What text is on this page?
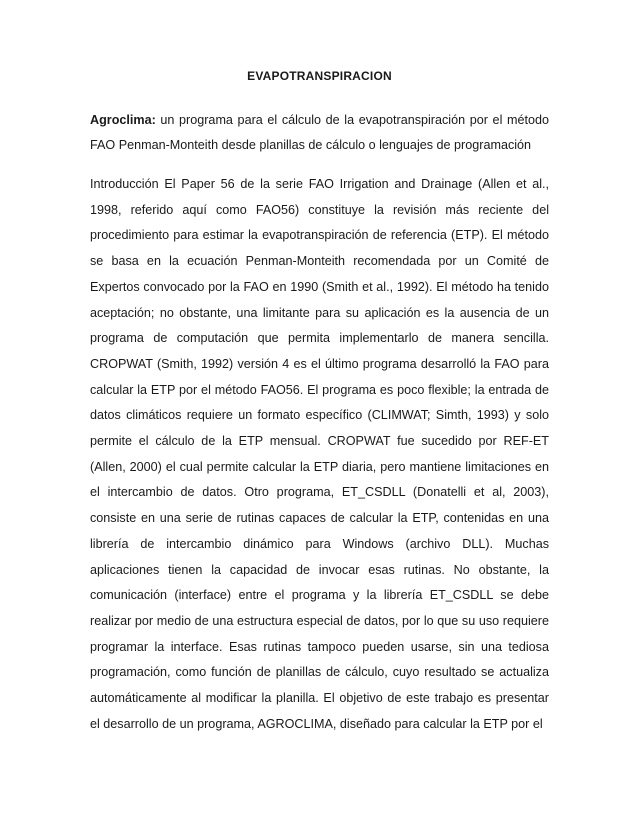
EVAPOTRANSPIRACION

Agroclima: un programa para el cálculo de la evapotranspiración por el método FAO Penman-Monteith desde planillas de cálculo o lenguajes de programación

Introducción El Paper 56 de la serie FAO Irrigation and Drainage (Allen et al., 1998, referido aquí como FAO56) constituye la revisión más reciente del procedimiento para estimar la evapotranspiración de referencia (ETP). El método se basa en la ecuación Penman-Monteith recomendada por un Comité de Expertos convocado por la FAO en 1990 (Smith et al., 1992). El método ha tenido aceptación; no obstante, una limitante para su aplicación es la ausencia de un programa de computación que permita implementarlo de manera sencilla. CROPWAT (Smith, 1992) versión 4 es el último programa desarrolló la FAO para calcular la ETP por el método FAO56. El programa es poco flexible; la entrada de datos climáticos requiere un formato específico (CLIMWAT; Simth, 1993) y solo permite el cálculo de la ETP mensual. CROPWAT fue sucedido por REF-ET (Allen, 2000) el cual permite calcular la ETP diaria, pero mantiene limitaciones en el intercambio de datos. Otro programa, ET_CSDLL (Donatelli et al, 2003), consiste en una serie de rutinas capaces de calcular la ETP, contenidas en una librería de intercambio dinámico para Windows (archivo DLL). Muchas aplicaciones tienen la capacidad de invocar esas rutinas. No obstante, la comunicación (interface) entre el programa y la librería ET_CSDLL se debe realizar por medio de una estructura especial de datos, por lo que su uso requiere programar la interface. Esas rutinas tampoco pueden usarse, sin una tediosa programación, como función de planillas de cálculo, cuyo resultado se actualiza automáticamente al modificar la planilla. El objetivo de este trabajo es presentar el desarrollo de un programa, AGROCLIMA, diseñado para calcular la ETP por el
